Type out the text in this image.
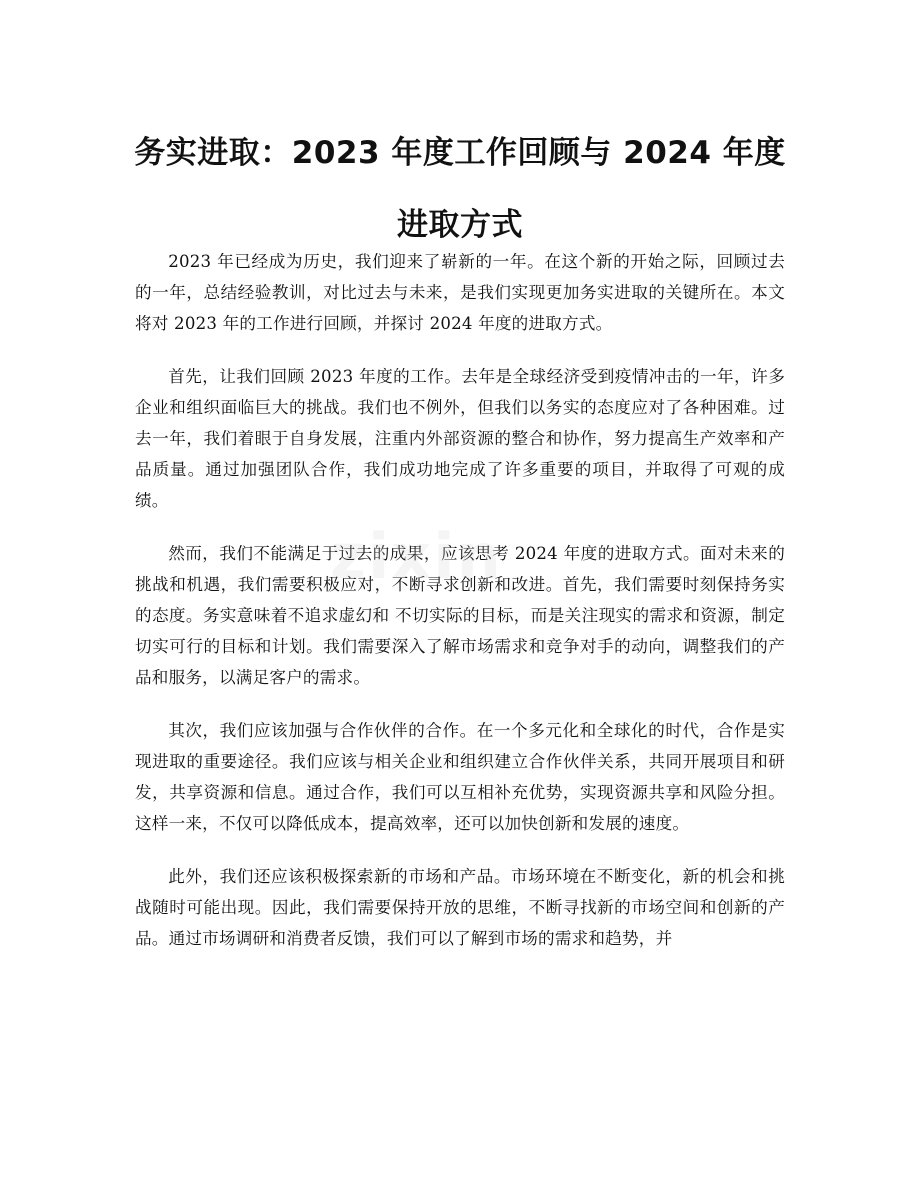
务实进取：2023 年度工作回顾与 2024 年度
进取方式

2023 年已经成为历史，我们迎来了崭新的一年。在这个新的开始之际，回顾过去的一年，总结经验教训，对比过去与未来，是我们实现更加务实进取的关键所在。本文将对 2023 年的工作进行回顾，并探讨 2024 年度的进取方式。

首先，让我们回顾 2023 年度的工作。去年是全球经济受到疫情冲击的一年，许多企业和组织面临巨大的挑战。我们也不例外，但我们以务实的态度应对了各种困难。过去一年，我们着眼于自身发展，注重内外部资源的整合和协作，努力提高生产效率和产品质量。通过加强团队合作，我们成功地完成了许多重要的项目，并取得了可观的成绩。

然而，我们不能满足于过去的成果，应该思考 2024 年度的进取方式。面对未来的挑战和机遇，我们需要积极应对，不断寻求创新和改进。首先，我们需要时刻保持务实的态度。务实意味着不追求虚幻和 不切实际的目标，而是关注现实的需求和资源，制定切实可行的目标和计划。我们需要深入了解市场需求和竞争对手的动向，调整我们的产品和服务，以满足客户的需求。

其次，我们应该加强与合作伙伴的合作。在一个多元化和全球化的时代，合作是实现进取的重要途径。我们应该与相关企业和组织建立合作伙伴关系，共同开展项目和研发，共享资源和信息。通过合作，我们可以互相补充优势，实现资源共享和风险分担。这样一来，不仅可以降低成本，提高效率，还可以加快创新和发展的速度。

此外，我们还应该积极探索新的市场和产品。市场环境在不断变化，新的机会和挑战随时可能出现。因此，我们需要保持开放的思维，不断寻找新的市场空间和创新的产品。通过市场调研和消费者反馈，我们可以了解到市场的需求和趋势，并

zixin
